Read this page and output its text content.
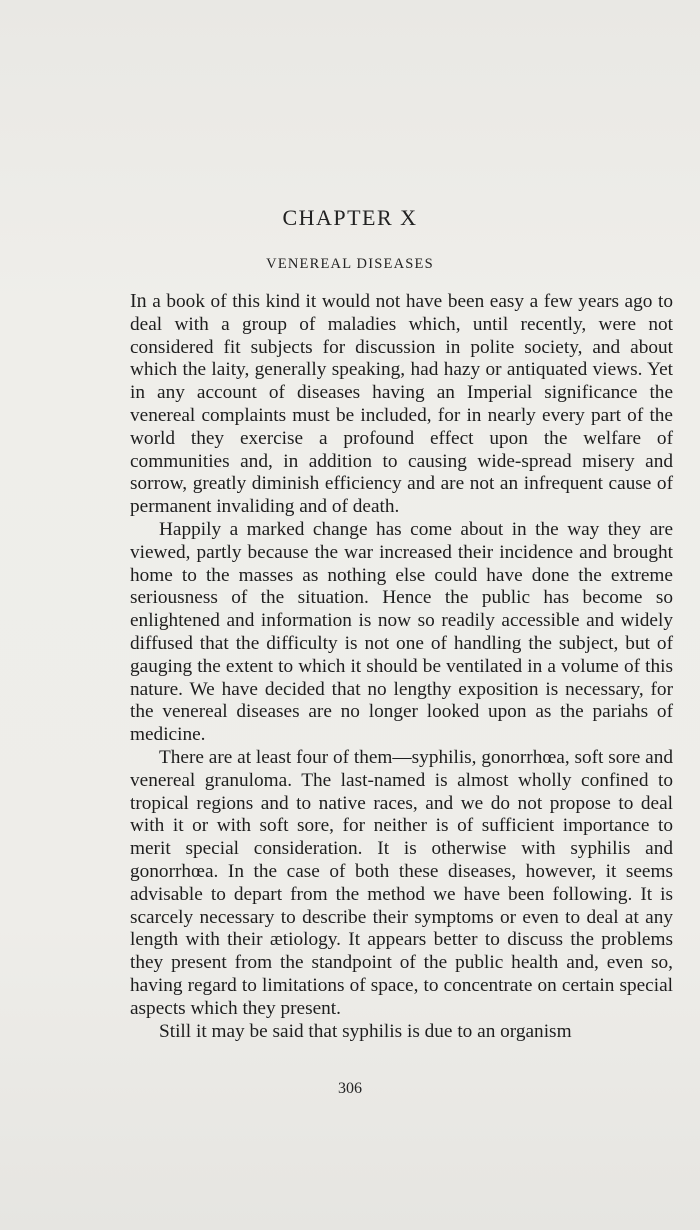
CHAPTER X
VENEREAL DISEASES

In a book of this kind it would not have been easy a few years ago to deal with a group of maladies which, until recently, were not considered fit subjects for discussion in polite society, and about which the laity, generally speaking, had hazy or antiquated views. Yet in any account of diseases having an Imperial significance the venereal complaints must be included, for in nearly every part of the world they exercise a profound effect upon the welfare of communities and, in addition to causing wide-spread misery and sorrow, greatly diminish efficiency and are not an infrequent cause of permanent invaliding and of death.

Happily a marked change has come about in the way they are viewed, partly because the war increased their incidence and brought home to the masses as nothing else could have done the extreme seriousness of the situation. Hence the public has become so enlightened and information is now so readily accessible and widely diffused that the difficulty is not one of handling the subject, but of gauging the extent to which it should be ventilated in a volume of this nature. We have decided that no lengthy exposition is necessary, for the venereal diseases are no longer looked upon as the pariahs of medicine.

There are at least four of them—syphilis, gonorrhœa, soft sore and venereal granuloma. The last-named is almost wholly confined to tropical regions and to native races, and we do not propose to deal with it or with soft sore, for neither is of sufficient importance to merit special consideration. It is otherwise with syphilis and gonorrhœa. In the case of both these diseases, however, it seems advisable to depart from the method we have been following. It is scarcely necessary to describe their symptoms or even to deal at any length with their ætiology. It appears better to discuss the problems they present from the standpoint of the public health and, even so, having regard to limitations of space, to concentrate on certain special aspects which they present.

Still it may be said that syphilis is due to an organism

306
